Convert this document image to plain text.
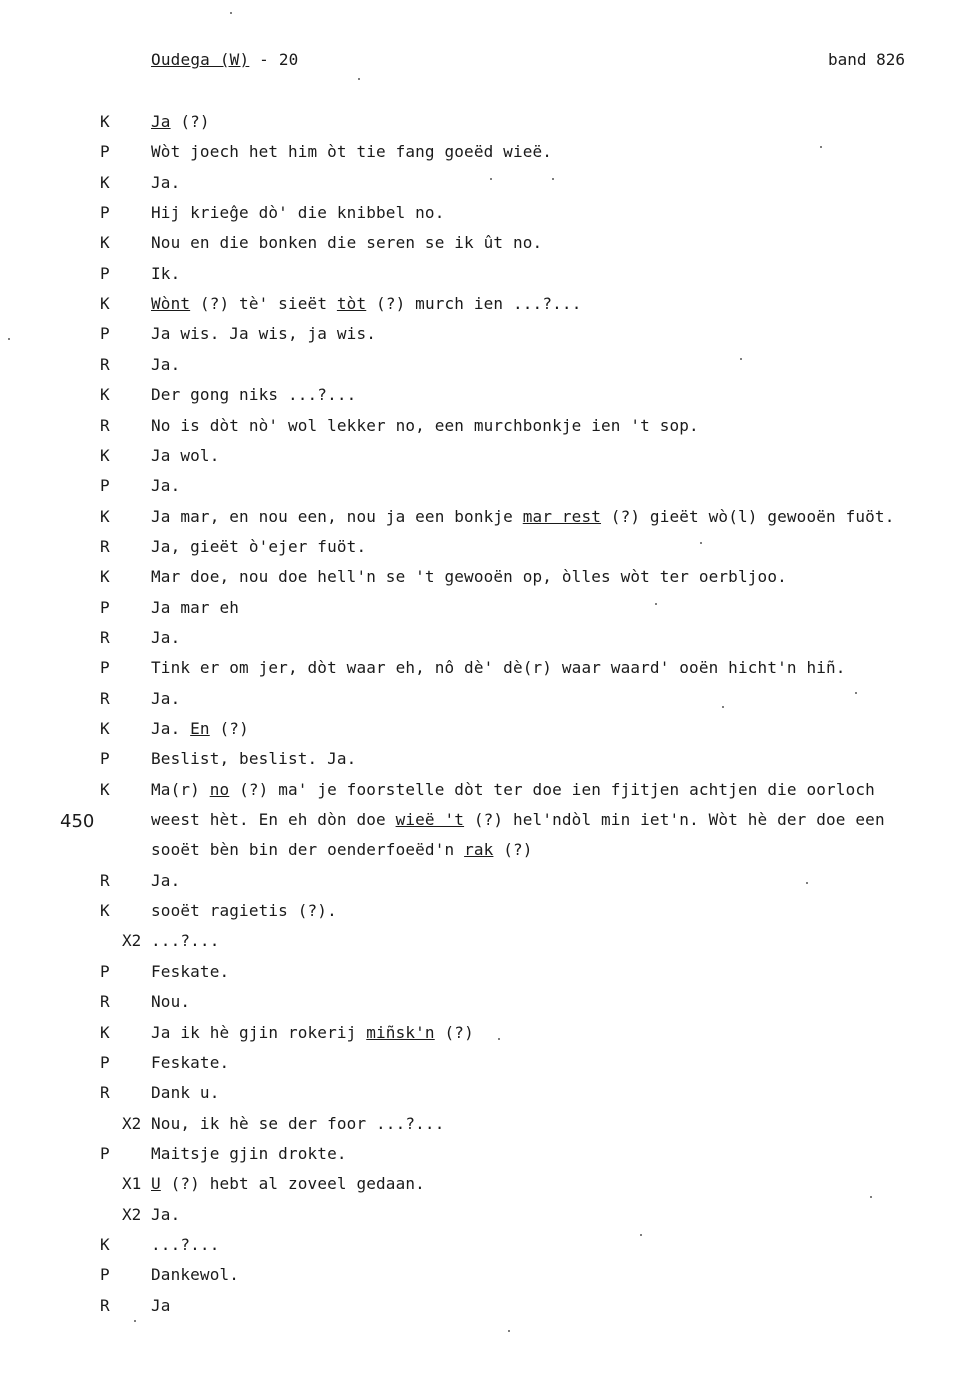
Oudega (W) - 20	band 826
450
K	Ja (?)
P	Wòt joech het him òt tie fang goeëd wieë.
K	Ja.
P	Hij krieĝe dò' die knibbel no.
K	Nou en die bonken die seren se ik ût no.
P	Ik.
K	Wònt (?) tè' sieët tòt (?) murch ien ...?...
P	Ja wis. Ja wis, ja wis.
R	Ja.
K	Der gong niks ...?...
R	No is dòt nò' wol lekker no, een murchbonkje ien 't sop.
K	Ja wol.
P	Ja.
K	Ja mar, en nou een, nou ja een bonkje mar rest (?) gieët wò(l) gewooën fuöt.
R	Ja, gieët ò'ejer fuöt.
K	Mar doe, nou doe hell'n se 't gewooën op, òlles wòt ter oerbljoo.
P	Ja mar eh
R	Ja.
P	Tink er om jer, dòt waar eh, nô dè' dè(r) waar waard' ooën hicht'n hiñ.
R	Ja.
K	Ja. En (?)
P	Beslist, beslist. Ja.
K	Ma(r) no (?) ma' je foorstelle dòt ter doe ien fjitjen achtjen die oorloch
weest hèt. En eh dòn doe wieë 't (?) hel'ndòl min iet'n. Wòt hè der doe een
sooët bèn bin der oenderfoeëd'n rak (?)
R	Ja.
K	sooët ragietis (?).
X2 ...?...
P	Feskate.
R	Nou.
K	Ja ik hè gjin rokerij miñsk'n (?)
P	Feskate.
R	Dank u.
X2 Nou, ik hè se der foor ...?...
P	Maitsje gjin drokte.
X1 U (?) hebt al zoveel gedaan.
X2 Ja.
K	...?...
P	Dankewol.
R	Ja
